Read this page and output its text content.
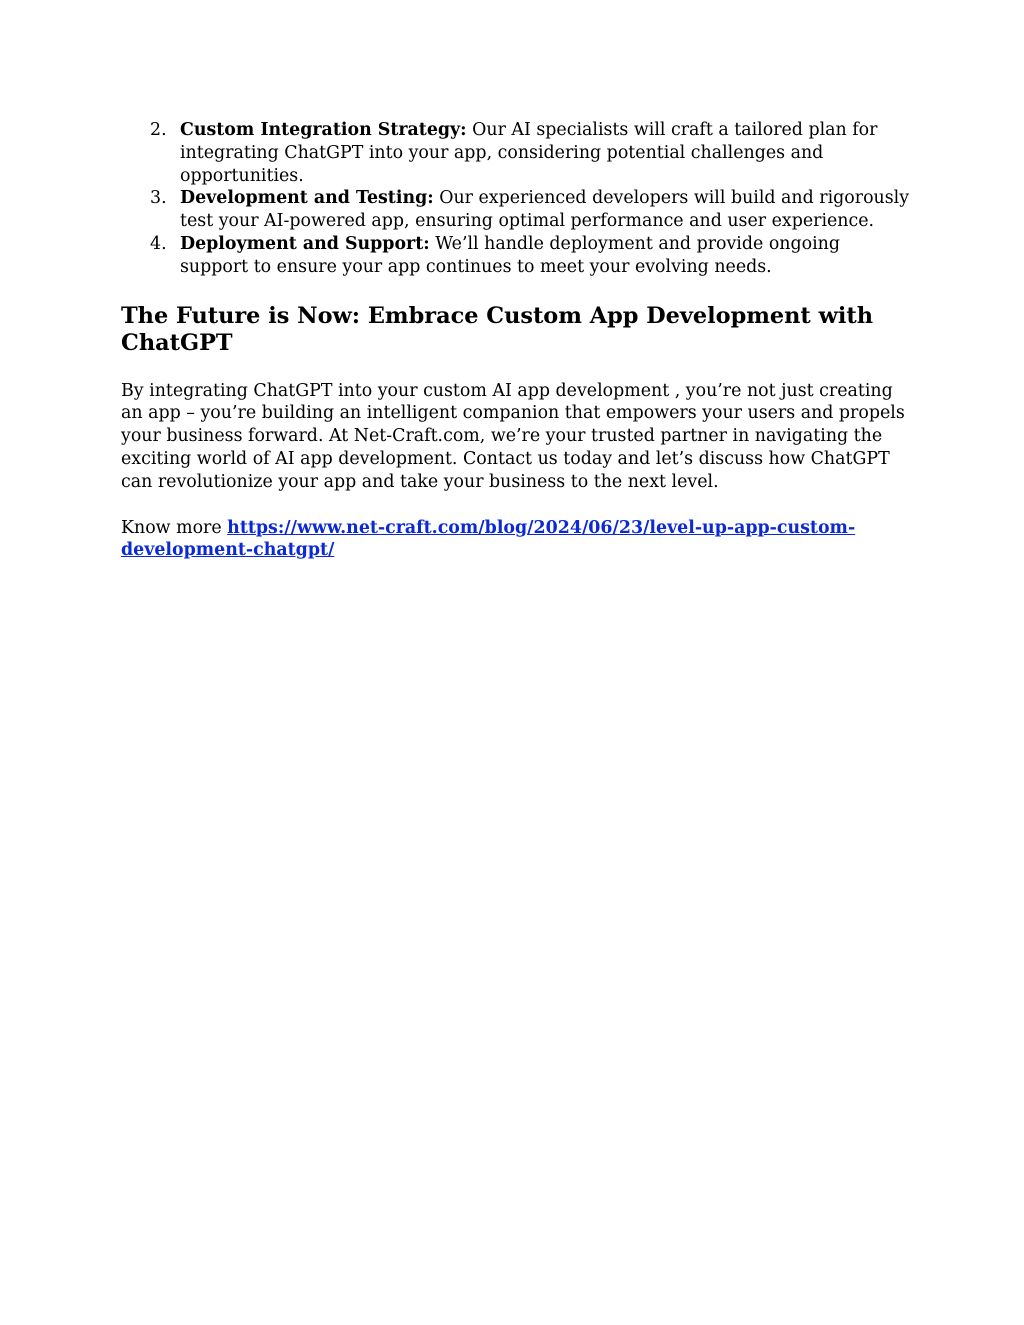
2. Custom Integration Strategy: Our AI specialists will craft a tailored plan for integrating ChatGPT into your app, considering potential challenges and opportunities.
3. Development and Testing: Our experienced developers will build and rigorously test your AI-powered app, ensuring optimal performance and user experience.
4. Deployment and Support: We’ll handle deployment and provide ongoing support to ensure your app continues to meet your evolving needs.
The Future is Now: Embrace Custom App Development with ChatGPT

By integrating ChatGPT into your custom AI app development , you’re not just creating an app – you’re building an intelligent companion that empowers your users and propels your business forward. At Net-Craft.com, we’re your trusted partner in navigating the exciting world of AI app development. Contact us today and let’s discuss how ChatGPT can revolutionize your app and take your business to the next level.

Know more https://www.net-craft.com/blog/2024/06/23/level-up-app-custom-development-chatgpt/
